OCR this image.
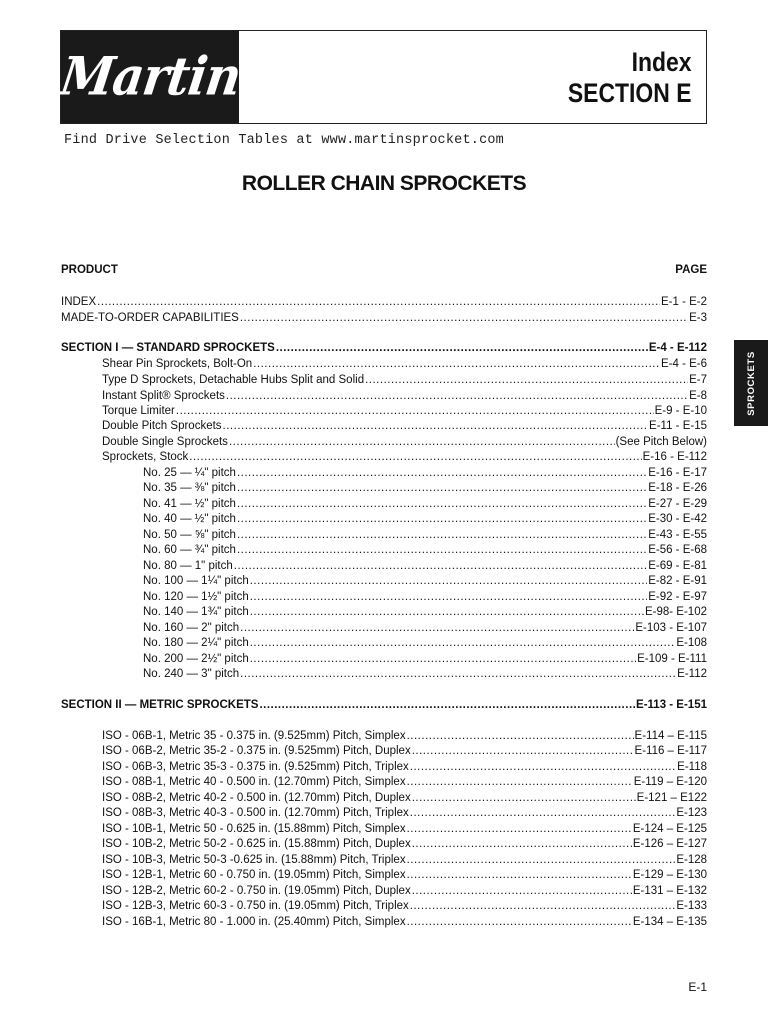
Martin	Index
SECTION E
Find Drive Selection Tables at www.martinsprocket.com
ROLLER CHAIN SPROCKETS
PRODUCT	PAGE
SPROCKETS
INDEX .....	E-1 - E-2
MADE-TO-ORDER CAPABILITIES .....	E-3
SECTION I — STANDARD SPROCKETS .....	E-4 - E-112
Shear Pin Sprockets, Bolt-On .....	E-4 - E-6
Type D Sprockets, Detachable Hubs Split and Solid .....	E-7
Instant Split® Sprockets .....	E-8
Torque Limiter .....	E-9 - E-10
Double Pitch Sprockets .....	E-11 - E-15
Double Single Sprockets .....	(See Pitch Below)
Sprockets, Stock .....	E-16 - E-112
No. 25 — ¼" pitch .....	E-16 - E-17
No. 35 — ⅜" pitch .....	E-18 - E-26
No. 41 — ½" pitch .....	E-27 - E-29
No. 40 — ½" pitch .....	E-30 - E-42
No. 50 — ⅝" pitch .....	E-43 - E-55
No. 60 — ¾" pitch .....	E-56 - E-68
No. 80 — 1" pitch .....	E-69 - E-81
No. 100 — 1¼" pitch .....	E-82 - E-91
No. 120 — 1½" pitch .....	E-92 - E-97
No. 140 — 1¾" pitch .....	E-98- E-102
No. 160 — 2" pitch .....	E-103 - E-107
No. 180 — 2¼" pitch .....	E-108
No. 200 — 2½" pitch .....	E-109 - E-111
No. 240 — 3" pitch .....	E-112
SECTION II — METRIC SPROCKETS .....	E-113 - E-151
ISO - 06B-1, Metric 35 - 0.375 in. (9.525mm) Pitch, Simplex .....	E-114 – E-115
ISO - 06B-2, Metric 35-2 - 0.375 in. (9.525mm) Pitch, Duplex .....	E-116 – E-117
ISO - 06B-3, Metric 35-3 - 0.375 in. (9.525mm) Pitch, Triplex .....	E-118
ISO - 08B-1, Metric 40 - 0.500 in. (12.70mm) Pitch, Simplex .....	E-119 – E-120
ISO - 08B-2, Metric 40-2 - 0.500 in. (12.70mm) Pitch, Duplex .....	E-121 – E122
ISO - 08B-3, Metric 40-3 - 0.500 in. (12.70mm) Pitch, Triplex .....	E-123
ISO - 10B-1, Metric 50 - 0.625 in. (15.88mm) Pitch, Simplex .....	E-124 – E-125
ISO - 10B-2, Metric 50-2 - 0.625 in. (15.88mm) Pitch, Duplex .....	E-126 – E-127
ISO - 10B-3, Metric 50-3 -0.625 in. (15.88mm) Pitch, Triplex .....	E-128
ISO - 12B-1, Metric 60 - 0.750 in. (19.05mm) Pitch, Simplex .....	E-129 – E-130
ISO - 12B-2, Metric 60-2 - 0.750 in. (19.05mm) Pitch, Duplex .....	E-131 – E-132
ISO - 12B-3, Metric 60-3 - 0.750 in. (19.05mm) Pitch, Triplex .....	E-133
ISO - 16B-1, Metric 80 - 1.000 in. (25.40mm) Pitch, Simplex .....	E-134 – E-135
E-1
